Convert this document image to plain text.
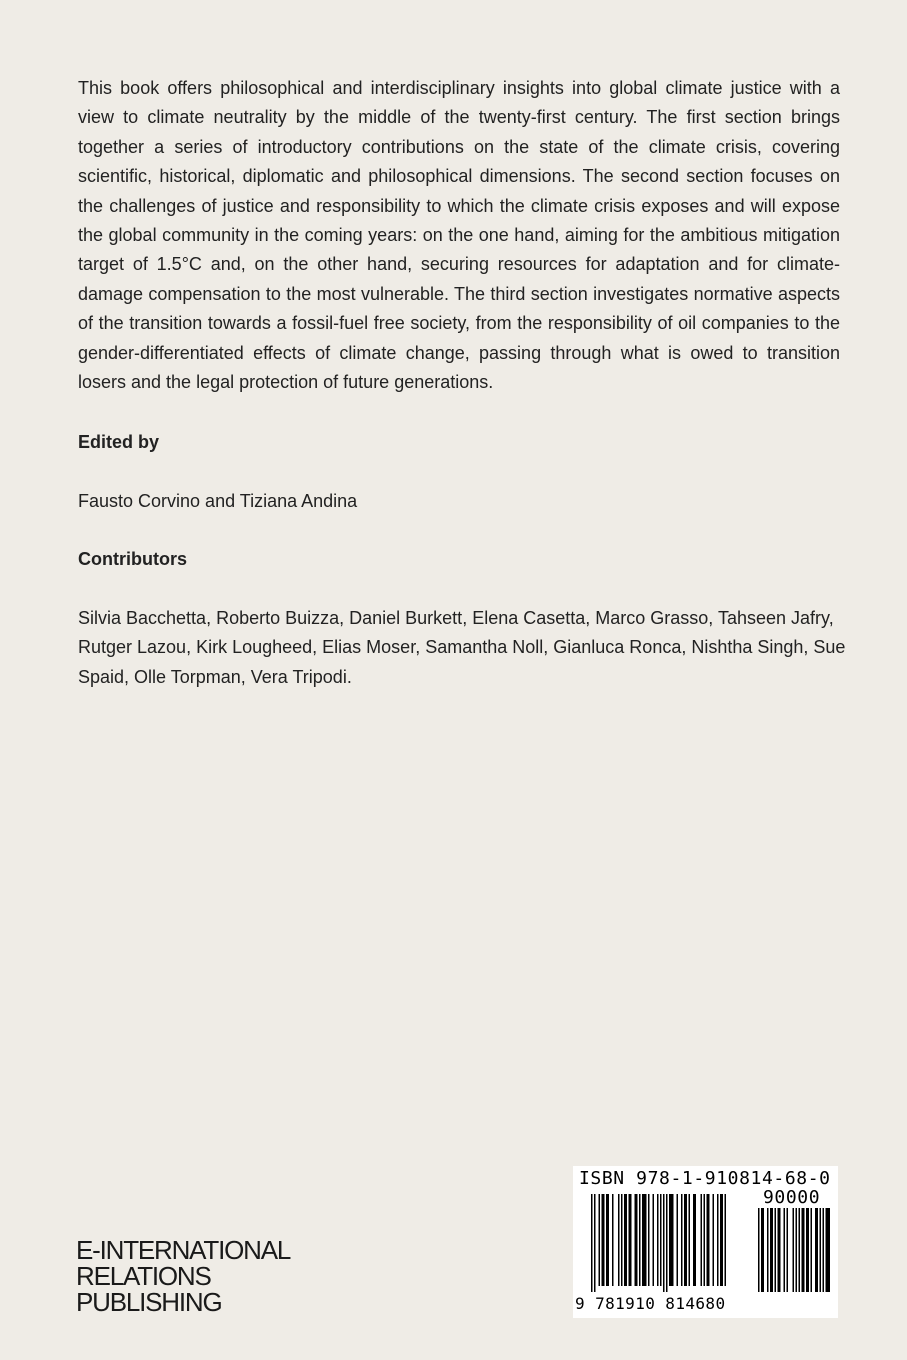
This book offers philosophical and interdisciplinary insights into global climate justice with a view to climate neutrality by the middle of the twenty-first century. The first section brings together a series of introductory contributions on the state of the climate crisis, covering scientific, historical, diplomatic and philosophical dimensions. The second section focuses on the challenges of justice and responsibility to which the climate crisis exposes and will expose the global community in the coming years: on the one hand, aiming for the ambitious mitigation target of 1.5°C and, on the other hand, securing resources for adaptation and for climate-damage compensation to the most vulnerable. The third section investigates normative aspects of the transition towards a fossil-fuel free society, from the responsibility of oil companies to the gender-differentiated effects of climate change, passing through what is owed to transition losers and the legal protection of future generations.

Edited by

Fausto Corvino and Tiziana Andina

Contributors

Silvia Bacchetta, Roberto Buizza, Daniel Burkett, Elena Casetta, Marco Grasso, Tahseen Jafry, Rutger Lazou, Kirk Lougheed, Elias Moser, Samantha Noll, Gianluca Ronca, Nishtha Singh, Sue Spaid, Olle Torpman, Vera Tripodi.

E-INTERNATIONAL
RELATIONS
PUBLISHING
ISBN 978-1-910814-68-0
90000
9 781910 814680
